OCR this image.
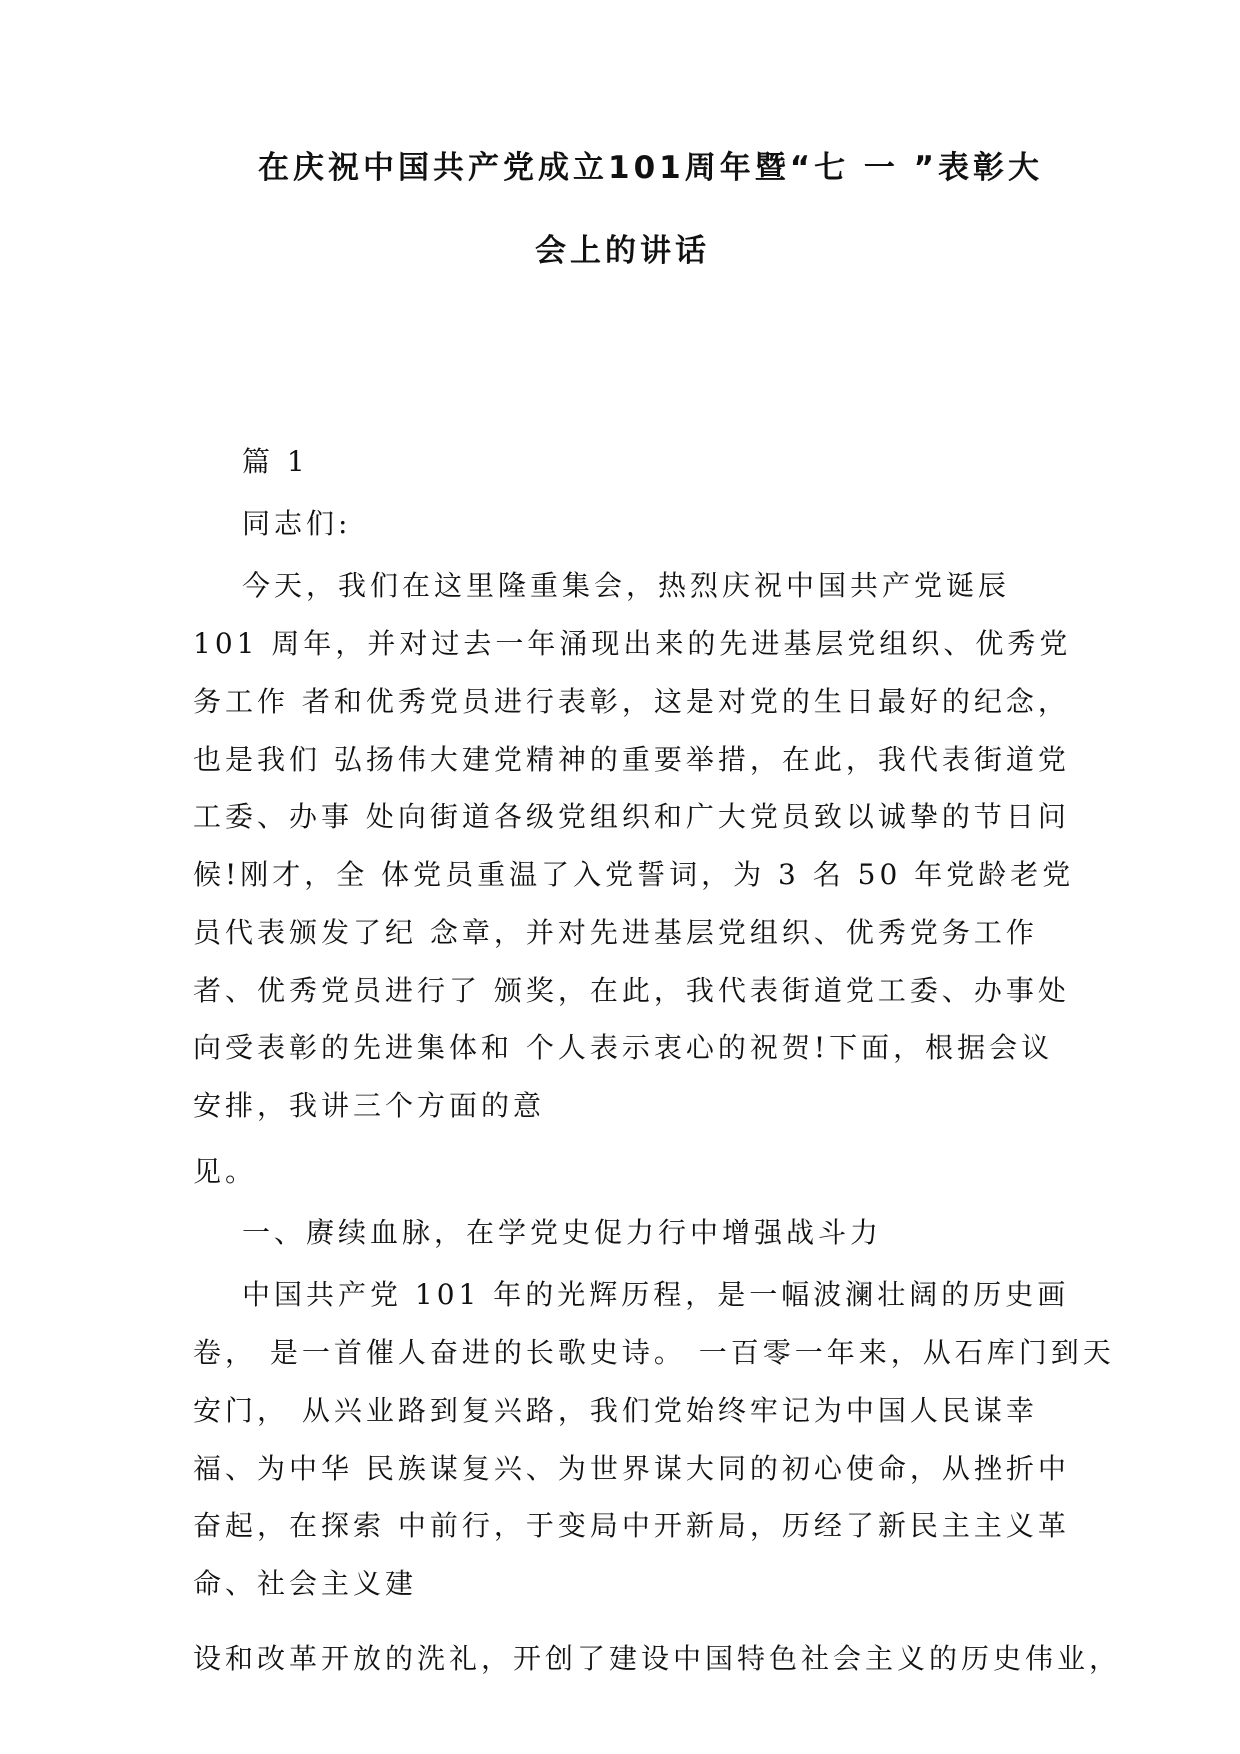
在庆祝中国共产党成立101周年暨“七 一 ”表彰大
会上的讲话
篇 1
同志们:
今天，我们在这里隆重集会，热烈庆祝中国共产党诞辰
101 周年，并对过去一年涌现出来的先进基层党组织、优秀党
务工作 者和优秀党员进行表彰，这是对党的生日最好的纪念，
也是我们 弘扬伟大建党精神的重要举措，在此，我代表街道党
工委、办事 处向街道各级党组织和广大党员致以诚挚的节日问
候!刚才，全 体党员重温了入党誓词，为 3 名 50 年党龄老党
员代表颁发了纪 念章，并对先进基层党组织、优秀党务工作
者、优秀党员进行了 颁奖，在此，我代表街道党工委、办事处
向受表彰的先进集体和 个人表示衷心的祝贺!下面，根据会议
安排，我讲三个方面的意
见。
一、赓续血脉，在学党史促力行中增强战斗力
中国共产党 101 年的光辉历程，是一幅波澜壮阔的历史画
卷， 是一首催人奋进的长歌史诗。 一百零一年来，从石库门到天
安门， 从兴业路到复兴路，我们党始终牢记为中国人民谋幸
福、为中华 民族谋复兴、为世界谋大同的初心使命，从挫折中
奋起，在探索 中前行，于变局中开新局，历经了新民主主义革
命、社会主义建
设和改革开放的洗礼，开创了建设中国特色社会主义的历史伟业，
